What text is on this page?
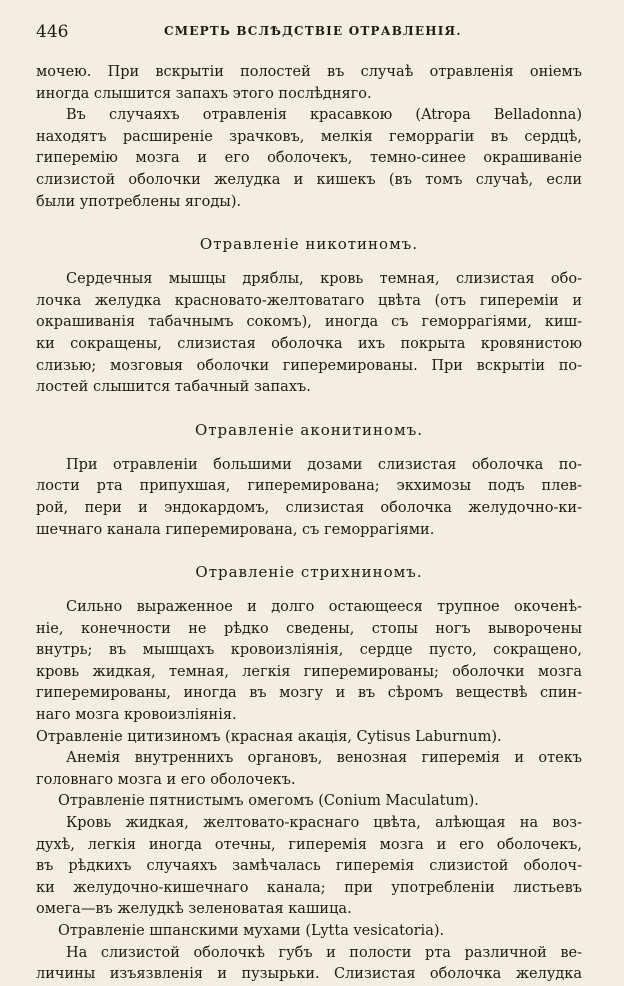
446	СМЕРТЬ ВСЛѢДСТВІЕ ОТРАВЛЕНІЯ.
мочею. При вскрытіи полостей въ случаѣ отравленія оніемъ
иногда слышится запахъ этого послѣдняго.
Въ случаяхъ отравленія красавкою (Atropa Belladonna)
находятъ расширеніе зрачковъ, мелкія геморрагіи въ сердцѣ,
гиперемію мозга и его оболочекъ, темно-синее окрашиваніе
слизистой оболочки желудка и кишекъ (въ томъ случаѣ, если
были употреблены ягоды).
Отравленіе никотиномъ.
Сердечныя мышцы дряблы, кровь темная, слизистая обо-
лочка желудка красновато-желтоватаго цвѣта (отъ гипереміи и
окрашиванія табачнымъ сокомъ), иногда съ геморрагіями, киш-
ки сокращены, слизистая оболочка ихъ покрыта кровянистою
слизью; мозговыя оболочки гиперемированы. При вскрытіи по-
лостей слышится табачный запахъ.
Отравленіе аконитиномъ.
При отравленіи большими дозами слизистая оболочка по-
лости рта припухшая, гиперемирована; экхимозы подъ плев-
рой, пери и эндокардомъ, слизистая оболочка желудочно-ки-
шечнаго канала гиперемирована, съ геморрагіями.
Отравленіе стрихниномъ.
Сильно выраженное и долго остающееся трупное окоченѣ-
ніе, конечности не рѣдко сведены, стопы ногъ выворочены
внутрь; въ мышцахъ кровоизліянія, сердце пусто, сокращено,
кровь жидкая, темная, легкія гиперемированы; оболочки мозга
гиперемированы, иногда въ мозгу и въ сѣромъ веществѣ спин-
наго мозга кровоизліянія.
Отравленіе цитизиномъ (красная акація, Cytisus Laburnum).
Анемія внутреннихъ органовъ, венозная гиперемія и отекъ
головнаго мозга и его оболочекъ.
Отравленіе пятнистымъ омегомъ (Conium Maculatum).
Кровь жидкая, желтовато-краснаго цвѣта, алѣющая на воз-
духѣ, легкія иногда отечны, гиперемія мозга и его оболочекъ,
въ рѣдкихъ случаяхъ замѣчалась гиперемія слизистой оболоч-
ки желудочно-кишечнаго канала; при употребленіи листьевъ
омега—въ желудкѣ зеленоватая кашица.
Отравленіе шпанскими мухами (Lytta vesicatoria).
На слизистой оболочкѣ губъ и полости рта различной ве-
личины изъязвленія и пузырьки. Слизистая оболочка желудка
